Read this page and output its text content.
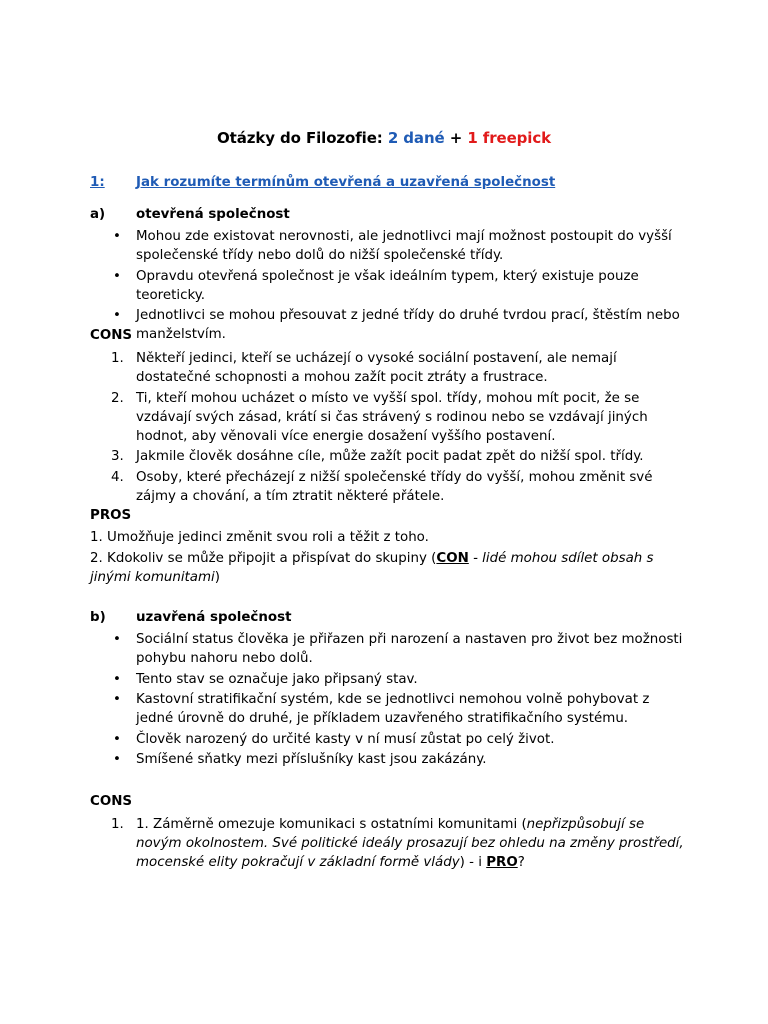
Otázky do Filozofie: 2 dané + 1 freepick
1: Jak rozumíte termínům otevřená a uzavřená společnost
a) otevřená společnost
• Mohou zde existovat nerovnosti, ale jednotlivci mají možnost postoupit do vyšší společenské třídy nebo dolů do nižší společenské třídy.
• Opravdu otevřená společnost je však ideálním typem, který existuje pouze teoreticky.
• Jednotlivci se mohou přesouvat z jedné třídy do druhé tvrdou prací, štěstím nebo manželstvím.
CONS
1. Někteří jedinci, kteří se ucházejí o vysoké sociální postavení, ale nemají dostatečné schopnosti a mohou zažít pocit ztráty a frustrace.
2. Ti, kteří mohou ucházet o místo ve vyšší spol. třídy, mohou mít pocit, že se vzdávají svých zásad, krátí si čas strávený s rodinou nebo se vzdávají jiných hodnot, aby věnovali více energie dosažení vyššího postavení.
3. Jakmile člověk dosáhne cíle, může zažít pocit padat zpět do nižší spol. třídy.
4. Osoby, které přecházejí z nižší společenské třídy do vyšší, mohou změnit své zájmy a chování, a tím ztratit některé přátele.
PROS

1. Umožňuje jedinci změnit svou roli a těžit z toho.

2. Kdokoliv se může připojit a přispívat do skupiny (CON - lidé mohou sdílet obsah s jinými komunitami)

b) uzavřená společnost
• Sociální status člověka je přiřazen při narození a nastaven pro život bez možnosti pohybu nahoru nebo dolů.
• Tento stav se označuje jako připsaný stav.
• Kastovní stratifikační systém, kde se jednotlivci nemohou volně pohybovat z jedné úrovně do druhé, je příkladem uzavřeného stratifikačního systému.
• Člověk narozený do určité kasty v ní musí zůstat po celý život.
• Smíšené sňatky mezi příslušníky kast jsou zakázány.
CONS
1. 1. Záměrně omezuje komunikaci s ostatními komunitami (nepřizpůsobují se novým okolnostem. Své politické ideály prosazují bez ohledu na změny prostředí, mocenské elity pokračují v základní formě vlády) - i PRO?
